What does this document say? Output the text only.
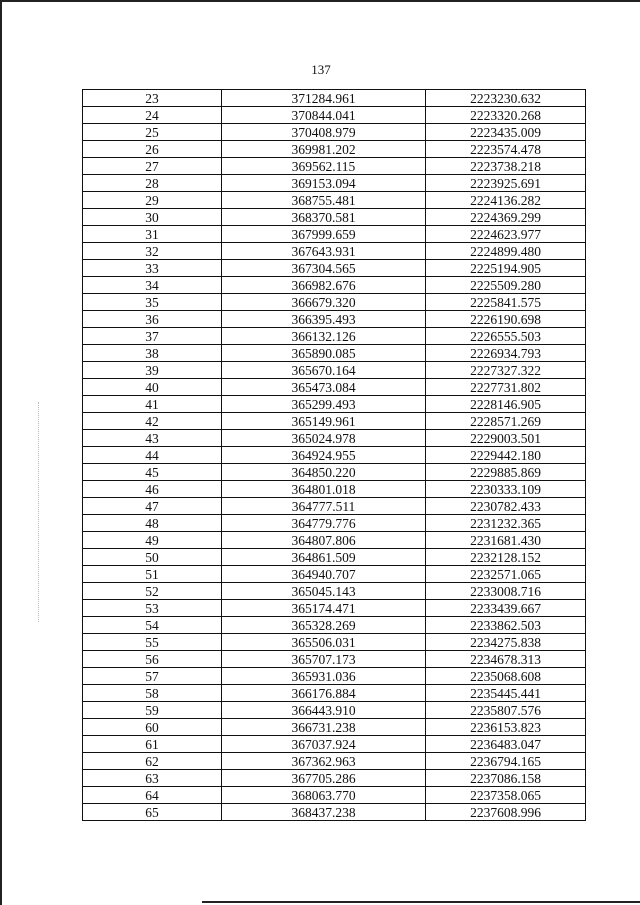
137
23	371284.961	2223230.632
24	370844.041	2223320.268
25	370408.979	2223435.009
26	369981.202	2223574.478
27	369562.115	2223738.218
28	369153.094	2223925.691
29	368755.481	2224136.282
30	368370.581	2224369.299
31	367999.659	2224623.977
32	367643.931	2224899.480
33	367304.565	2225194.905
34	366982.676	2225509.280
35	366679.320	2225841.575
36	366395.493	2226190.698
37	366132.126	2226555.503
38	365890.085	2226934.793
39	365670.164	2227327.322
40	365473.084	2227731.802
41	365299.493	2228146.905
42	365149.961	2228571.269
43	365024.978	2229003.501
44	364924.955	2229442.180
45	364850.220	2229885.869
46	364801.018	2230333.109
47	364777.511	2230782.433
48	364779.776	2231232.365
49	364807.806	2231681.430
50	364861.509	2232128.152
51	364940.707	2232571.065
52	365045.143	2233008.716
53	365174.471	2233439.667
54	365328.269	2233862.503
55	365506.031	2234275.838
56	365707.173	2234678.313
57	365931.036	2235068.608
58	366176.884	2235445.441
59	366443.910	2235807.576
60	366731.238	2236153.823
61	367037.924	2236483.047
62	367362.963	2236794.165
63	367705.286	2237086.158
64	368063.770	2237358.065
65	368437.238	2237608.996
